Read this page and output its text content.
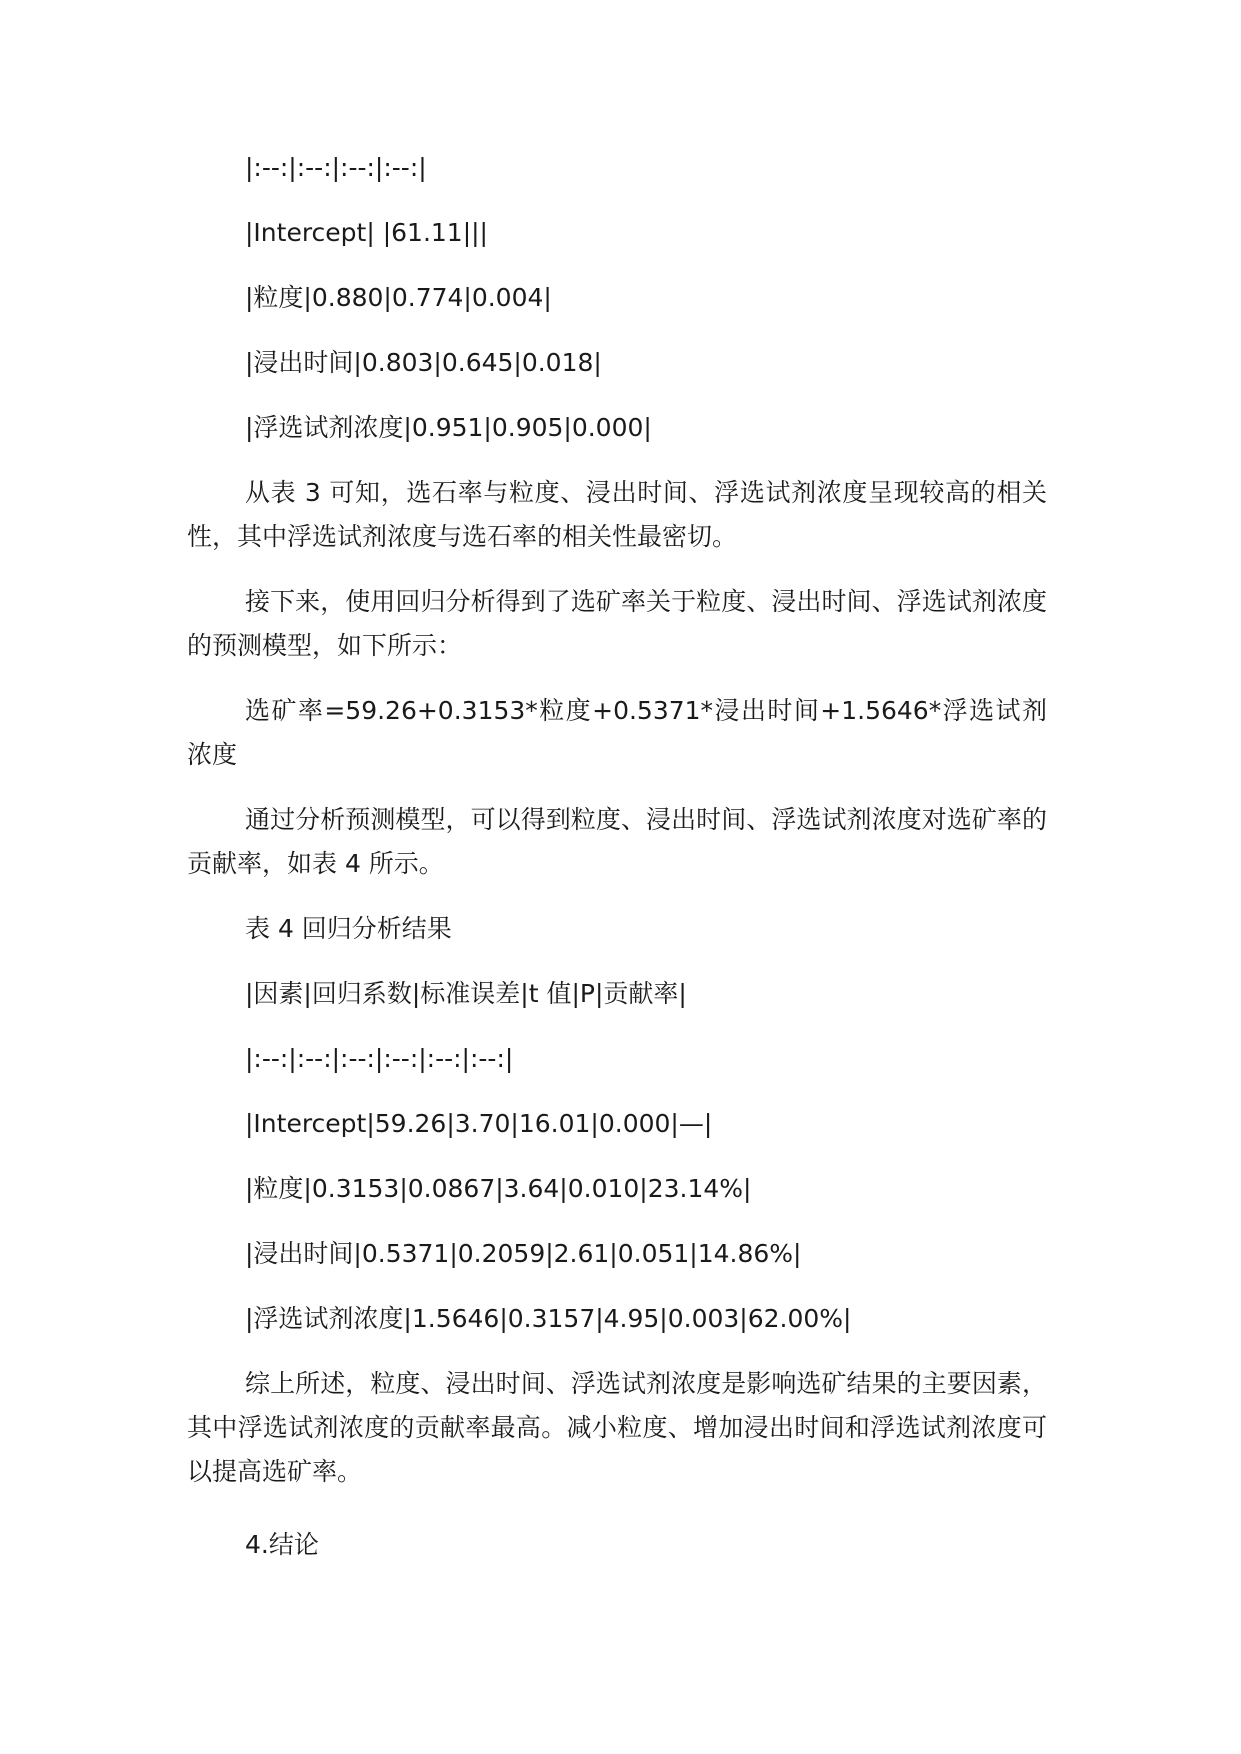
|:--:|:--:|:--:|:--:|
|Intercept| |61.11|||
|粒度|0.880|0.774|0.004|
|浸出时间|0.803|0.645|0.018|
|浮选试剂浓度|0.951|0.905|0.000|

从表 3 可知，选石率与粒度、浸出时间、浮选试剂浓度呈现较高的相关性，其中浮选试剂浓度与选石率的相关性最密切。

接下来，使用回归分析得到了选矿率关于粒度、浸出时间、浮选试剂浓度的预测模型，如下所示：

选矿率=59.26+0.3153*粒度+0.5371*浸出时间+1.5646*浮选试剂浓度

通过分析预测模型，可以得到粒度、浸出时间、浮选试剂浓度对选矿率的贡献率，如表 4 所示。

表 4 回归分析结果
|因素|回归系数|标准误差|t 值|P|贡献率|
|:--:|:--:|:--:|:--:|:--:|:--:|
|Intercept|59.26|3.70|16.01|0.000|—|
|粒度|0.3153|0.0867|3.64|0.010|23.14%|
|浸出时间|0.5371|0.2059|2.61|0.051|14.86%|
|浮选试剂浓度|1.5646|0.3157|4.95|0.003|62.00%|

综上所述，粒度、浸出时间、浮选试剂浓度是影响选矿结果的主要因素，其中浮选试剂浓度的贡献率最高。减小粒度、增加浸出时间和浮选试剂浓度可以提高选矿率。

4.结论
